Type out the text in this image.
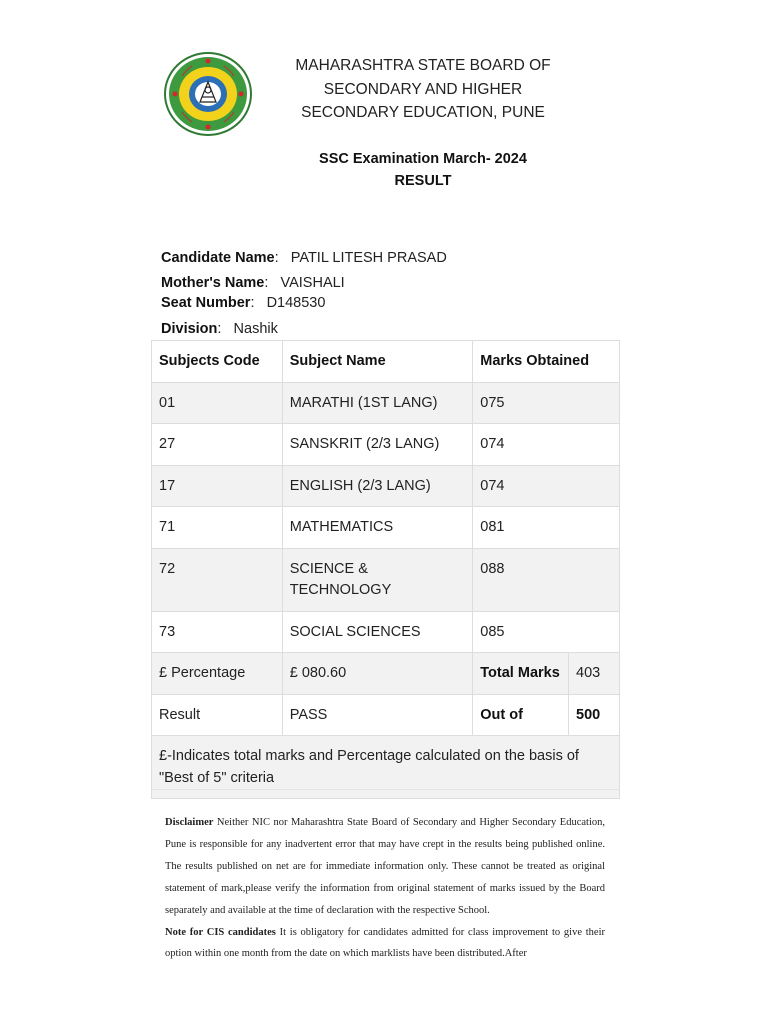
MAHARASHTRA STATE BOARD OF
SECONDARY AND HIGHER
SECONDARY EDUCATION, PUNE
SSC Examination March- 2024
RESULT
Candidate Name: PATIL LITESH PRASAD
Mother's Name: VAISHALI
Seat Number: D148530
Division: Nashik
Subjects Code	Subject Name	Marks Obtained	
01	MARATHI (1ST LANG)	075	
27	SANSKRIT (2/3 LANG)	074	
17	ENGLISH (2/3 LANG)	074	
71	MATHEMATICS	081	
72	SCIENCE & TECHNOLOGY	088	
73	SOCIAL SCIENCES	085	
£ Percentage	£ 080.60	Total Marks	403
Result	PASS	Out of	500
£-Indicates total marks and Percentage calculated on the basis of "Best of 5" criteria			

Disclaimer Neither NIC nor Maharashtra State Board of Secondary and Higher Secondary Education, Pune is responsible for any inadvertent error that may have crept in the results being published online. The results published on net are for immediate information only. These cannot be treated as original statement of mark,please verify the information from original statement of marks issued by the Board separately and available at the time of declaration with the respective School.

Note for CIS candidates It is obligatory for candidates admitted for class improvement to give their option within one month from the date on which marklists have been distributed.After
